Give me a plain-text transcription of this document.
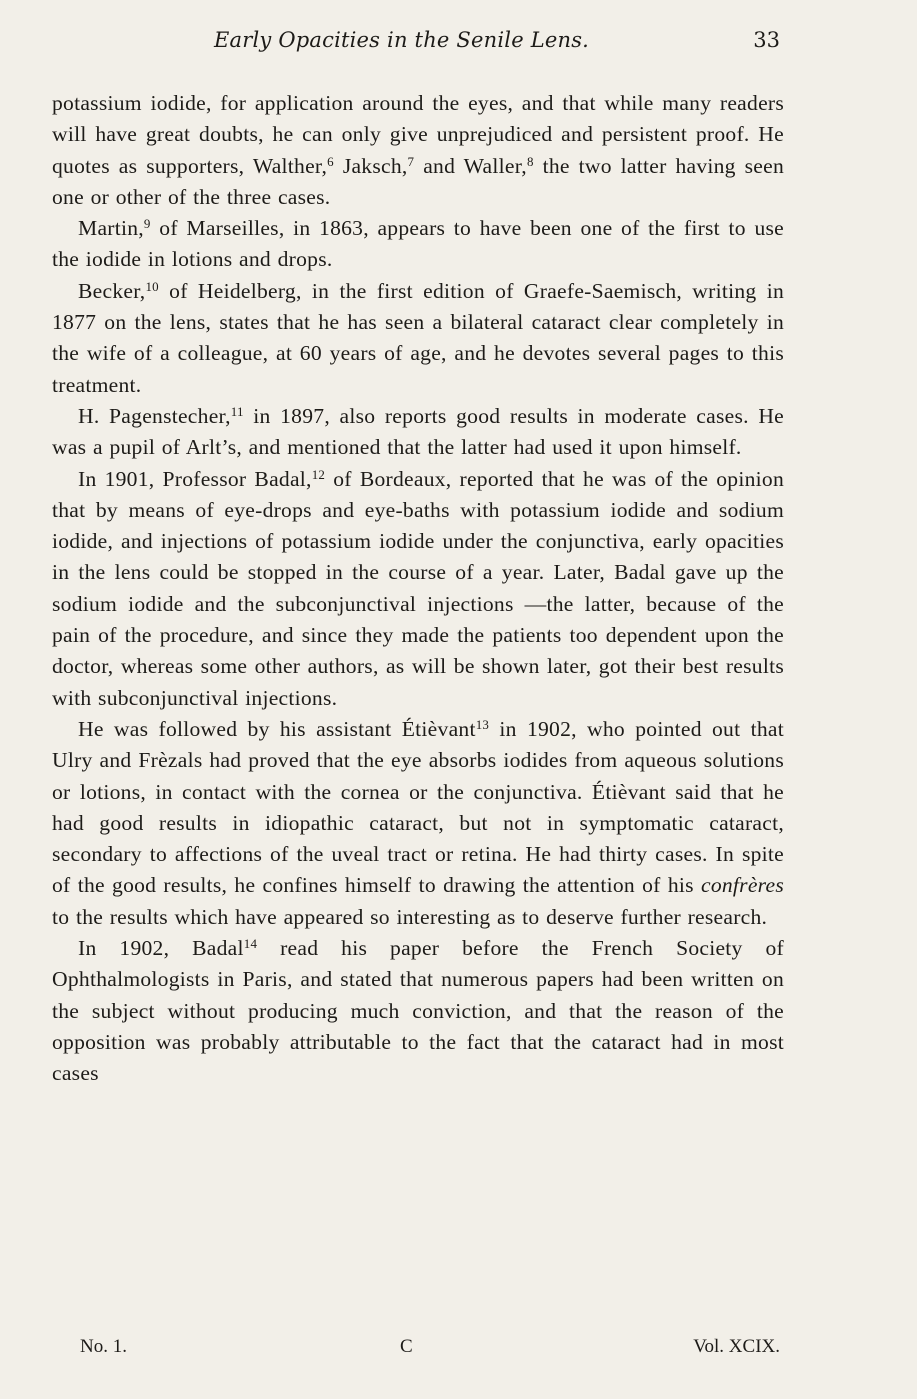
Early Opacities in the Senile Lens.	33

potassium iodide, for application around the eyes, and that while many readers will have great doubts, he can only give unprejudiced and persistent proof. He quotes as supporters, Walther,$^6$ Jaksch,$^7$ and Waller,$^8$ the two latter having seen one or other of the three cases.

Martin,$^9$ of Marseilles, in 1863, appears to have been one of the first to use the iodide in lotions and drops.

Becker,$^{10}$ of Heidelberg, in the first edition of Graefe-Saemisch, writing in 1877 on the lens, states that he has seen a bilateral cataract clear completely in the wife of a colleague, at 60 years of age, and he devotes several pages to this treatment.

H. Pagenstecher,$^{11}$ in 1897, also reports good results in moderate cases. He was a pupil of Arlt’s, and mentioned that the latter had used it upon himself.

In 1901, Professor Badal,$^{12}$ of Bordeaux, reported that he was of the opinion that by means of eye-drops and eye-baths with potassium iodide and sodium iodide, and injections of potassium iodide under the conjunctiva, early opacities in the lens could be stopped in the course of a year. Later, Badal gave up the sodium iodide and the subconjunctival injections —the latter, because of the pain of the procedure, and since they made the patients too dependent upon the doctor, whereas some other authors, as will be shown later, got their best results with subconjunctival injections.

He was followed by his assistant Étièvant$^{13}$ in 1902, who pointed out that Ulry and Frèzals had proved that the eye absorbs iodides from aqueous solutions or lotions, in contact with the cornea or the conjunctiva. Étièvant said that he had good results in idiopathic cataract, but not in symptomatic cataract, secondary to affections of the uveal tract or retina. He had thirty cases. In spite of the good results, he confines himself to drawing the attention of his confrères to the results which have appeared so interesting as to deserve further research.

In 1902, Badal$^{14}$ read his paper before the French Society of Ophthalmologists in Paris, and stated that numerous papers had been written on the subject without producing much conviction, and that the reason of the opposition was probably attributable to the fact that the cataract had in most cases

No. 1.	C	Vol. XCIX.
